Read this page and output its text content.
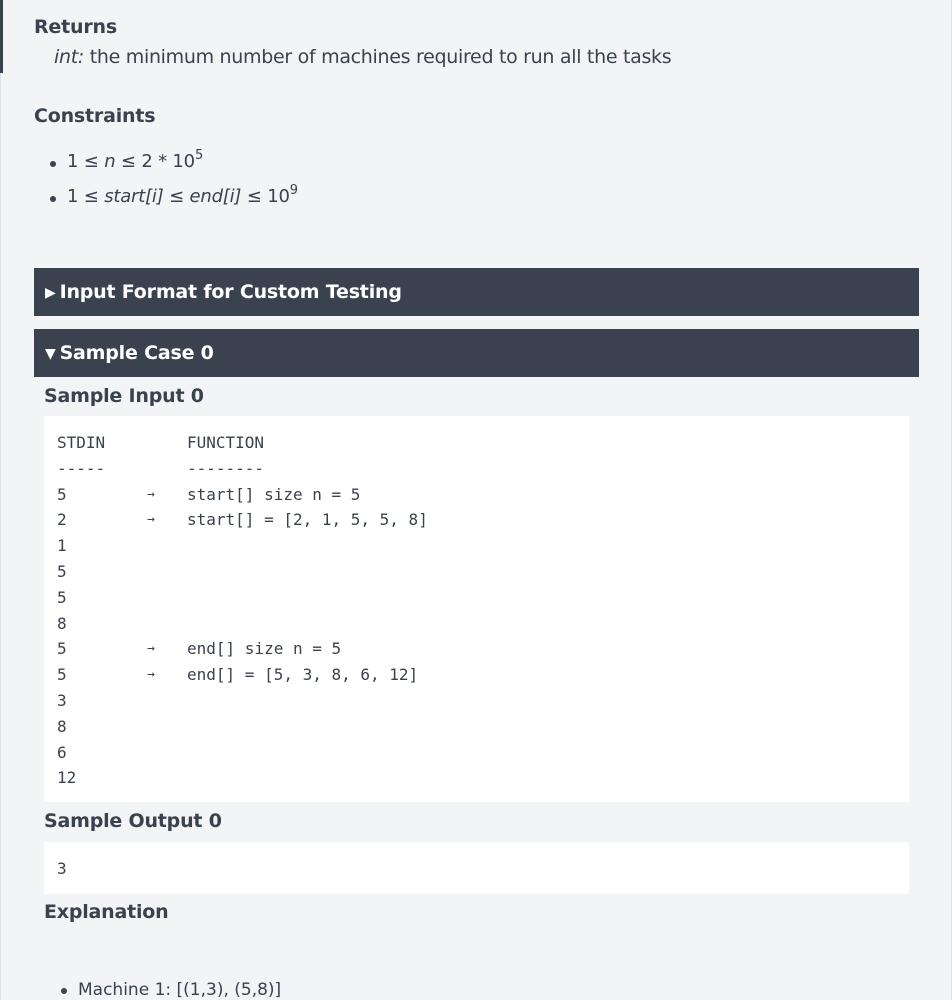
Returns
int: the minimum number of machines required to run all the tasks
Constraints
$1 \le n \le 2 * 10^5$
1 ≤ start[i] ≤ $end[i] \le 10^9$
▶ Input Format for Custom Testing
▼ Sample Case 0
Sample Input 0
STDIN	FUNCTION
-----	--------
5	→ start[] size n = 5
2	→ start[] = [2, 1, 5, 5, 8]
1
5
5
8
5	→ end[] size n = 5
5	→ end[] = [5, 3, 8, 6, 12]
3
8
6
12
Sample Output 0
3
Explanation
Machine 1: [(1,3), (5,8)]
